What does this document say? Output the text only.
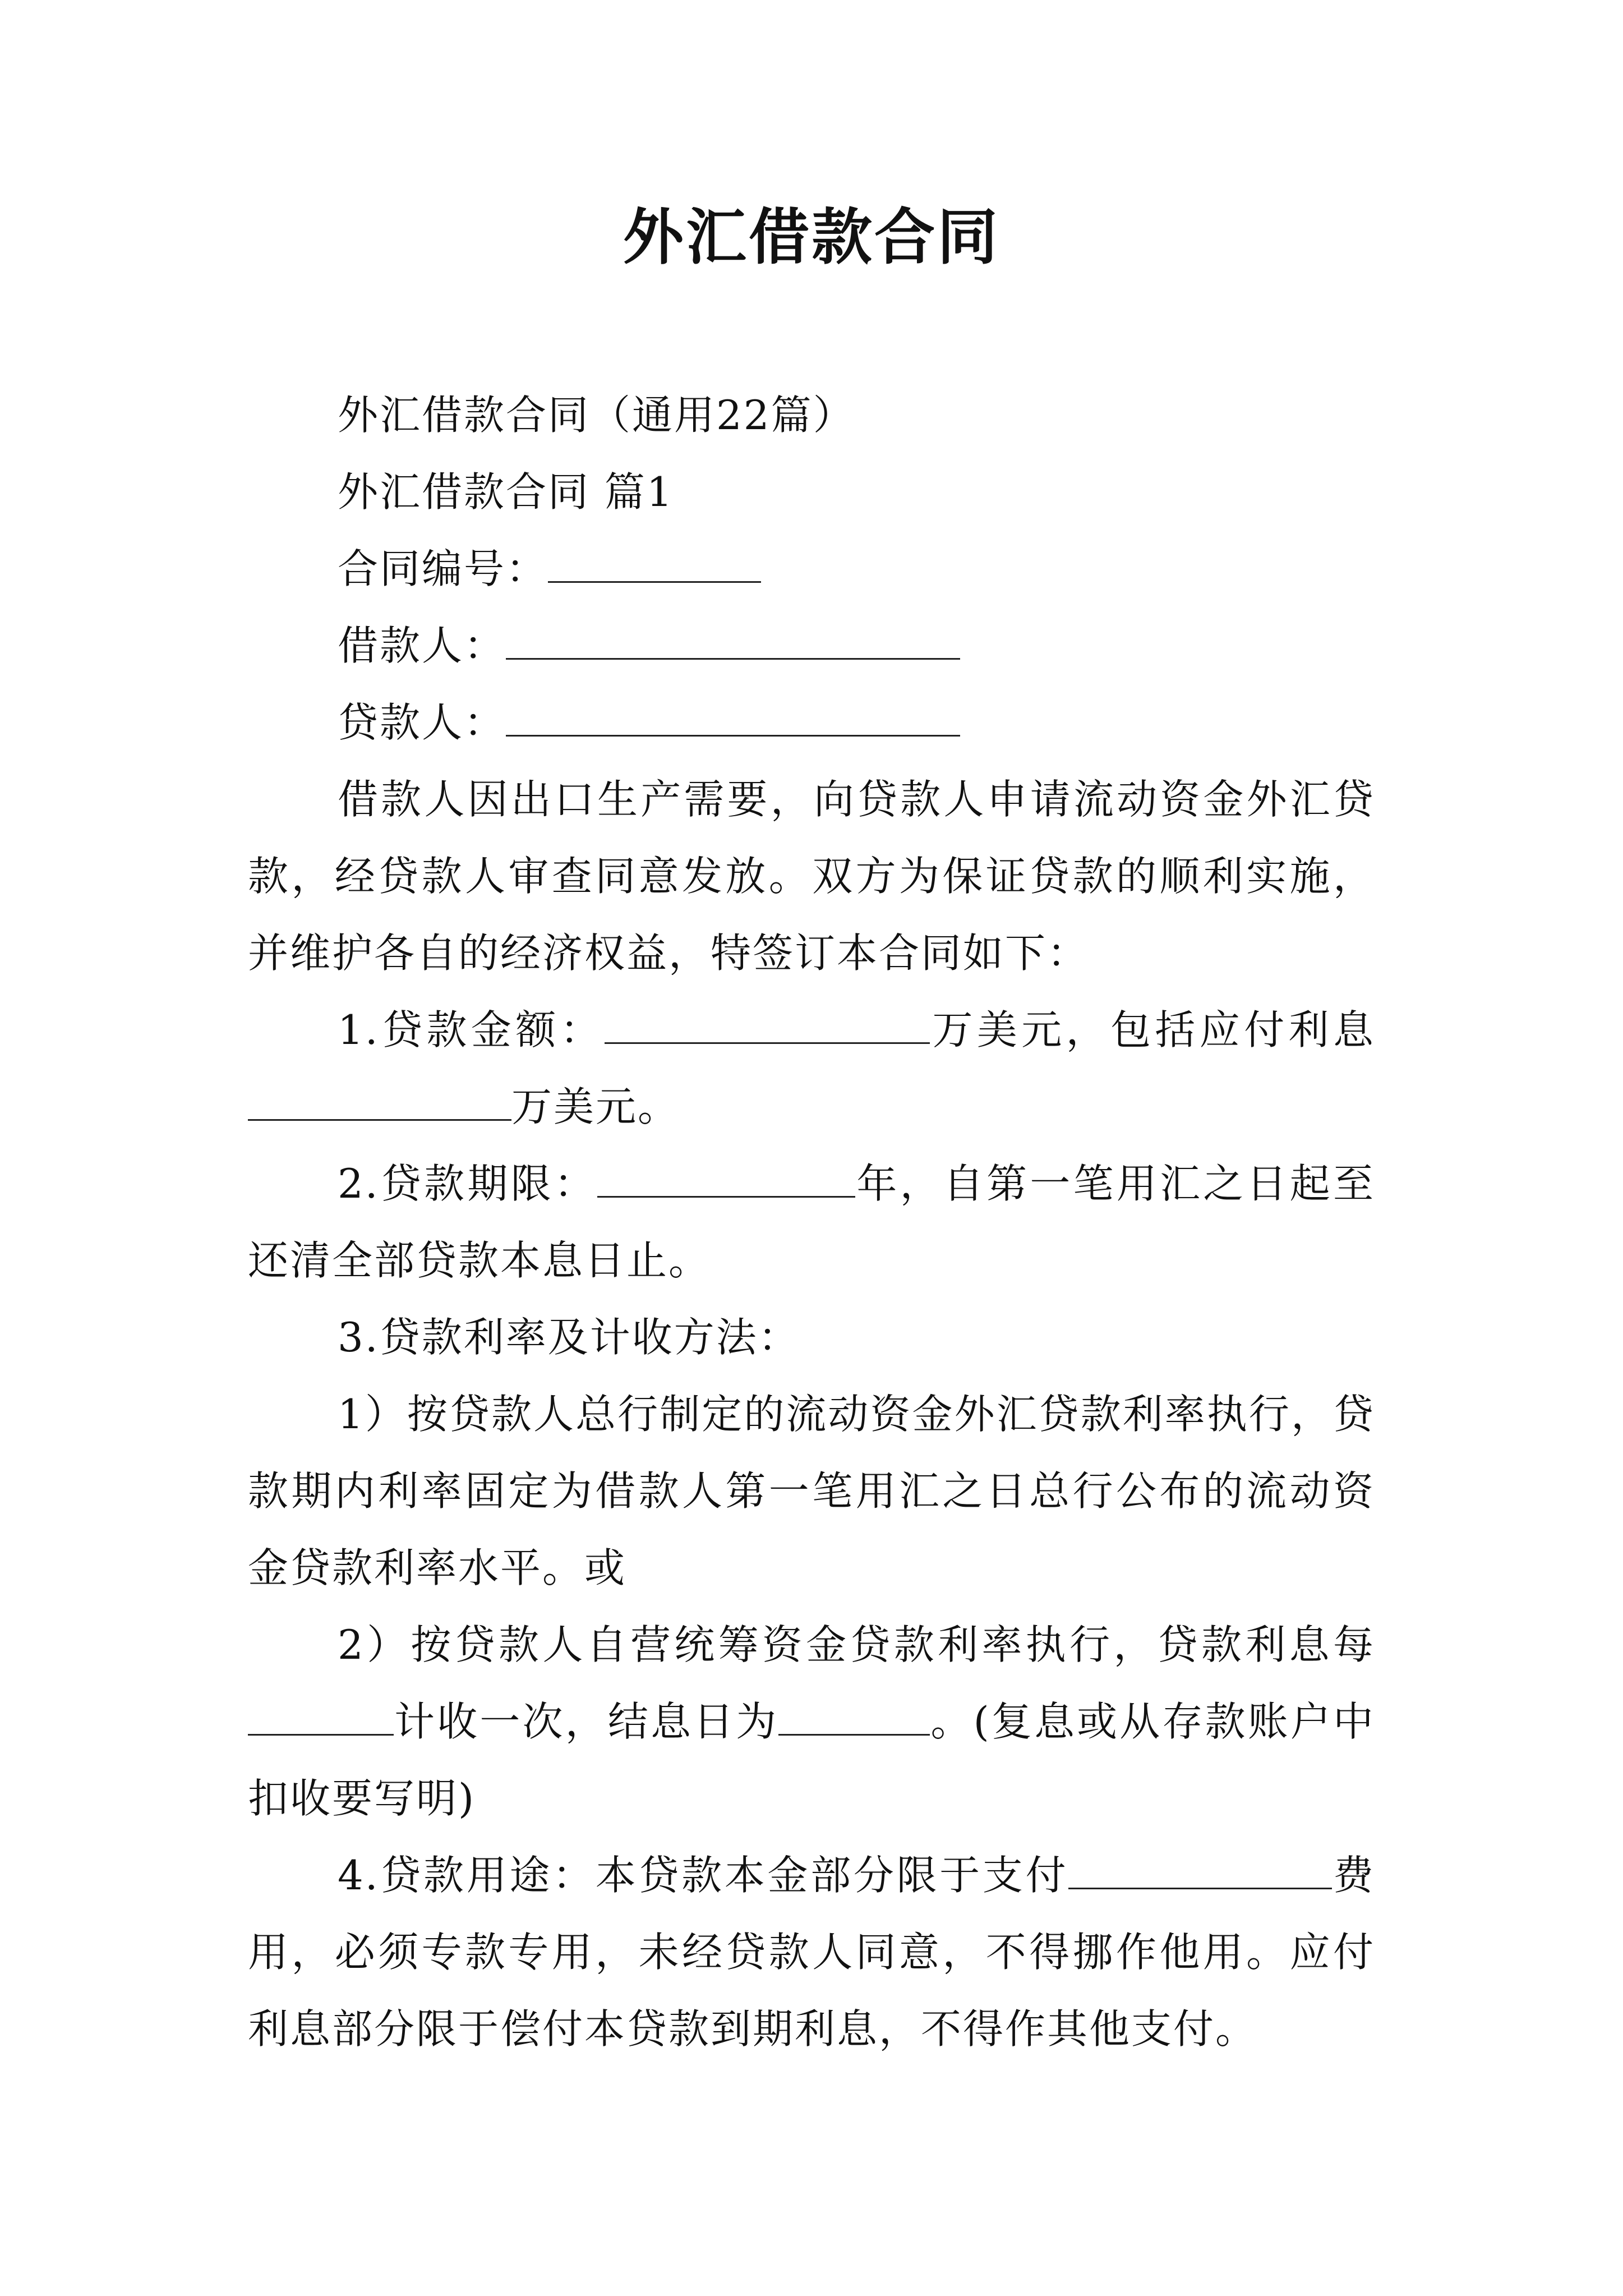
外汇借款合同

外汇借款合同（通用22篇）

外汇借款合同 篇1

合同编号：

借款人：

贷款人：

借款人因出口生产需要，向贷款人申请流动资金外汇贷款，经贷款人审查同意发放。双方为保证贷款的顺利实施，并维护各自的经济权益，特签订本合同如下：

1.贷款金额：	万美元，包括应付利息万美元。

2.贷款期限：	年，自第一笔用汇之日起至还清全部贷款本息日止。

3.贷款利率及计收方法：

1）按贷款人总行制定的流动资金外汇贷款利率执行，贷款期内利率固定为借款人第一笔用汇之日总行公布的流动资金贷款利率水平。或

2）按贷款人自营统筹资金贷款利率执行，贷款利息每计收一次，结息日为	。(复息或从存款账户中扣收要写明)

4.贷款用途：本贷款本金部分限于支付	费用，必须专款专用，未经贷款人同意，不得挪作他用。应付利息部分限于偿付本贷款到期利息，不得作其他支付。
